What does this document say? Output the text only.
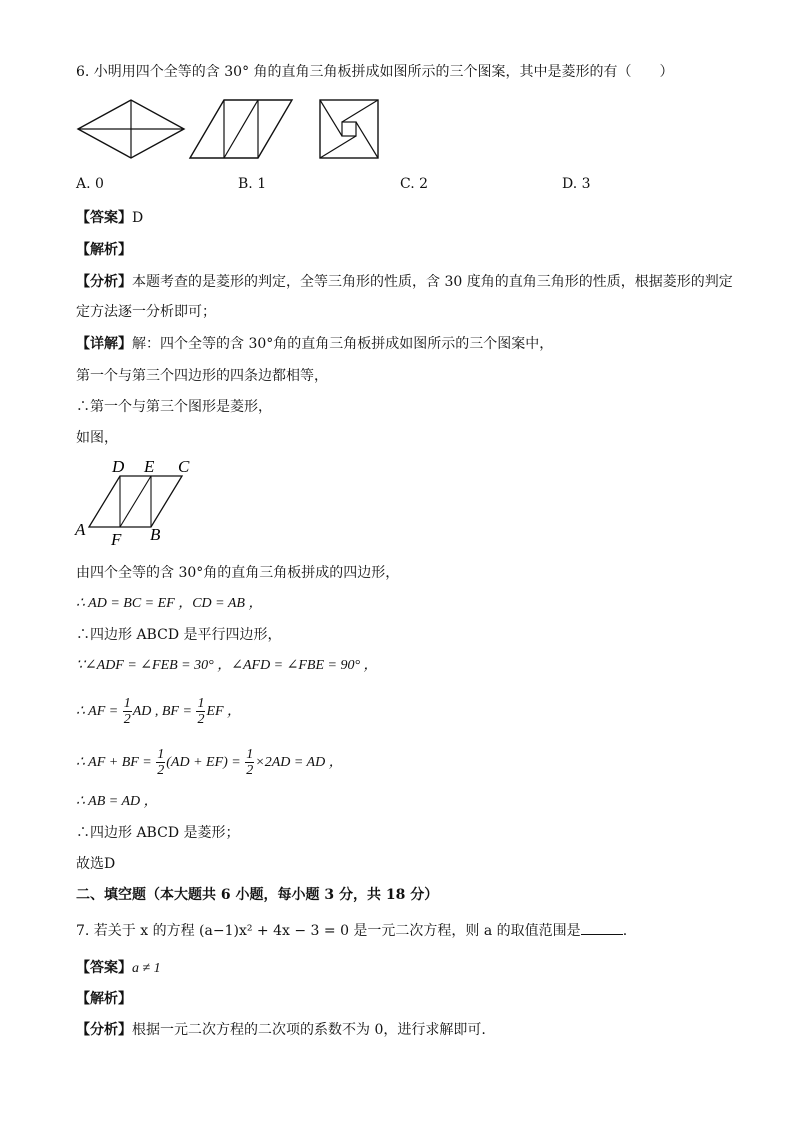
6. 小明用四个全等的含 30° 角的直角三角板拼成如图所示的三个图案，其中是菱形的有（　　）
A. 0	B. 1	C. 2	D. 3
【答案】D
【解析】
【分析】本题考查的是菱形的判定，全等三角形的性质，含 30 度角的直角三角形的性质，根据菱形的判定
定方法逐一分析即可；
【详解】解：四个全等的含 30°角的直角三角板拼成如图所示的三个图案中，
第一个与第三个四边形的四条边都相等，
∴第一个与第三个图形是菱形，
如图，
D E C
A
F B
由四个全等的含 30°角的直角三角板拼成的四边形，
∴ AD = BC = EF ，CD = AB ，
∴四边形 ABCD 是平行四边形，
∵∠ADF = ∠FEB = 30° ，∠AFD = ∠FBE = 90° ，
∴ AF = $\frac{1}{2}$ AD , BF = $\frac{1}{2}$ EF ，
∴ AF + BF = $\frac{1}{2} (AD + EF) = \frac{1}{2} \times 2AD$ = AD ，
∴ AB = AD ，
∴四边形 ABCD 是菱形；
故选D
二、填空题（本大题共 6 小题，每小题 3 分，共 18 分）
7. 若关于 x 的方程 (a−1)x² + 4x − 3 = 0 是一元二次方程，则 a 的取值范围是	.
【答案】a ≠ 1
【解析】
【分析】根据一元二次方程的二次项的系数不为 0，进行求解即可.
